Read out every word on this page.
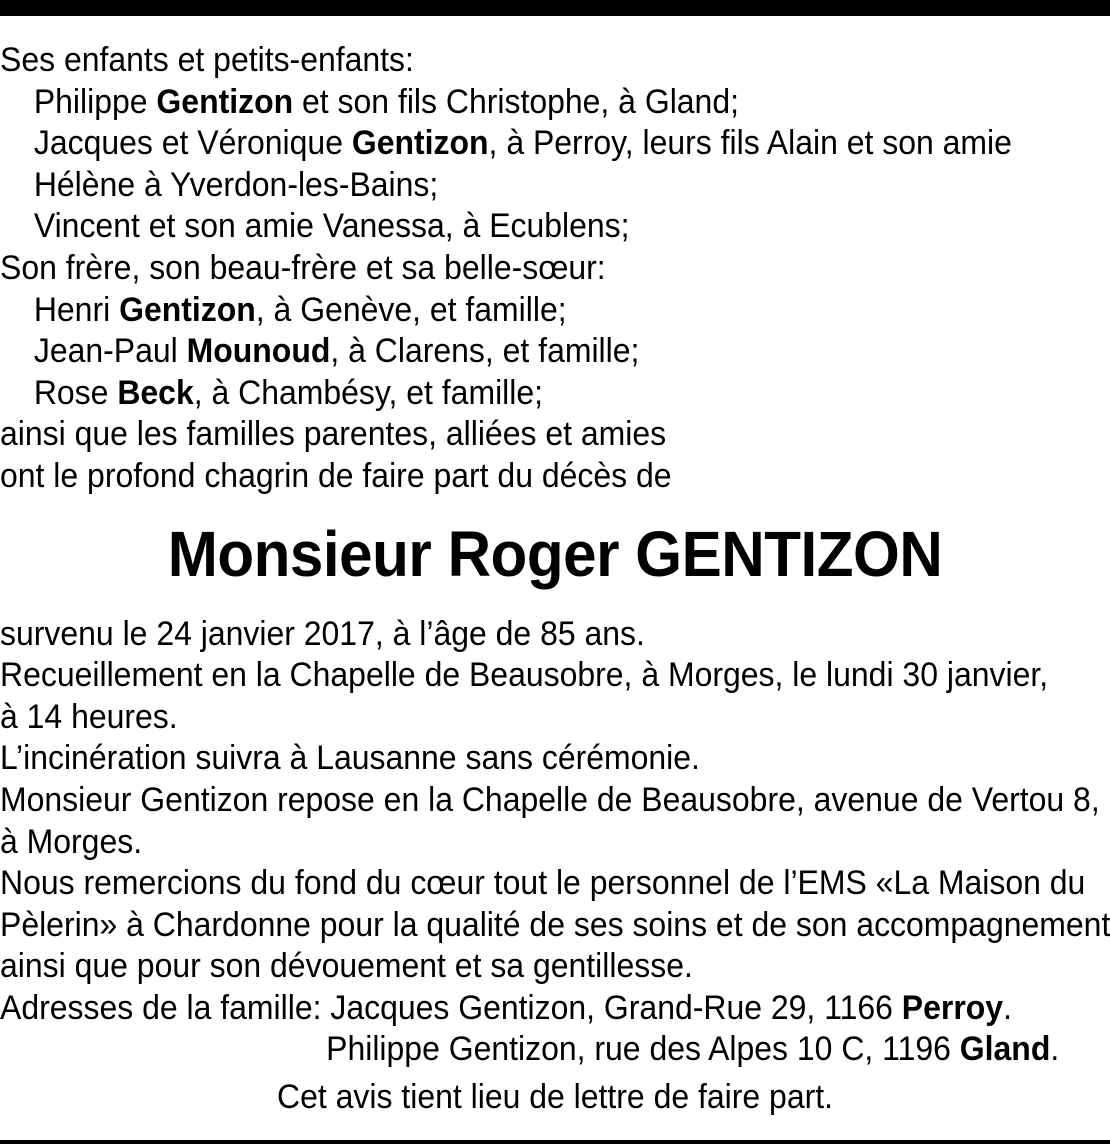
Ses enfants et petits-enfants:
Philippe Gentizon et son fils Christophe, à Gland;
Jacques et Véronique Gentizon, à Perroy, leurs fils Alain et son amie
Hélène à Yverdon-les-Bains;
Vincent et son amie Vanessa, à Ecublens;
Son frère, son beau-frère et sa belle-sœur:
Henri Gentizon, à Genève, et famille;
Jean-Paul Mounoud, à Clarens, et famille;
Rose Beck, à Chambésy, et famille;
ainsi que les familles parentes, alliées et amies
ont le profond chagrin de faire part du décès de
Monsieur Roger GENTIZON
survenu le 24 janvier 2017, à l’âge de 85 ans.
Recueillement en la Chapelle de Beausobre, à Morges, le lundi 30 janvier,
à 14 heures.
L’incinération suivra à Lausanne sans cérémonie.
Monsieur Gentizon repose en la Chapelle de Beausobre, avenue de Vertou 8,
à Morges.
Nous remercions du fond du cœur tout le personnel de l’EMS «La Maison du
Pèlerin» à Chardonne pour la qualité de ses soins et de son accompagnement
ainsi que pour son dévouement et sa gentillesse.
Adresses de la famille: Jacques Gentizon, Grand-Rue 29, 1166 Perroy.
Philippe Gentizon, rue des Alpes 10 C, 1196 Gland.
Cet avis tient lieu de lettre de faire part.
